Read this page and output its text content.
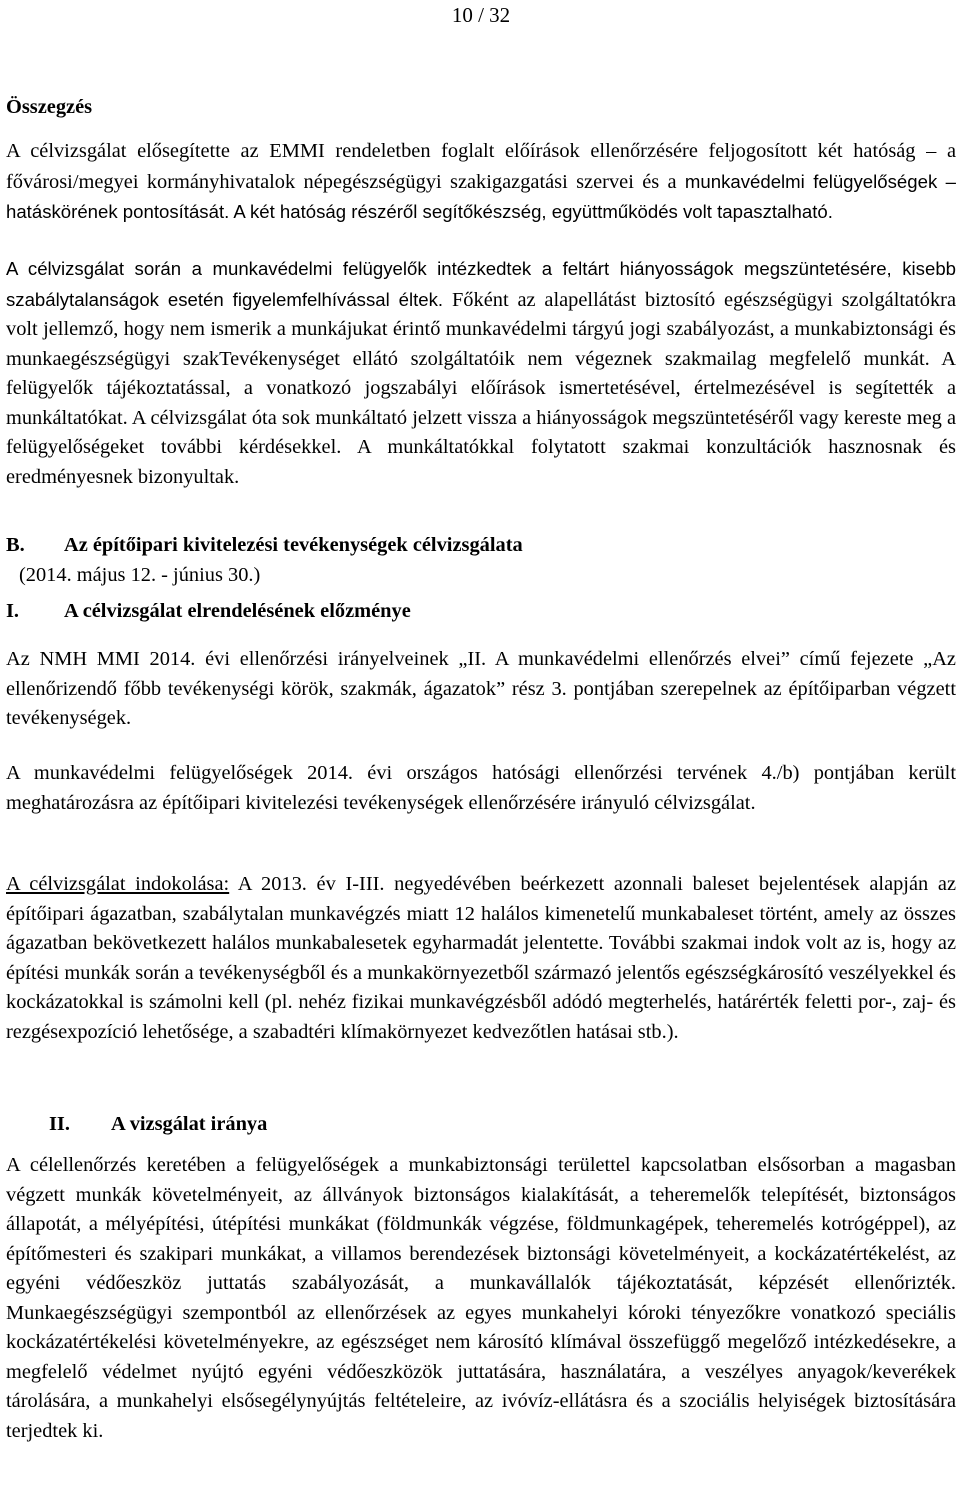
10 / 32
Összegzés

A célvizsgálat elősegítette az EMMI rendeletben foglalt előírások ellenőrzésére feljogosított két hatóság – a fővárosi/megyei kormányhivatalok népegészségügyi szakigazgatási szervei és a munkavédelmi felügyelőségek – hatáskörének pontosítását. A két hatóság részéről segítőkészség, együttműködés volt tapasztalható.

A célvizsgálat során a munkavédelmi felügyelők intézkedtek a feltárt hiányosságok megszüntetésére, kisebb szabálytalanságok esetén figyelemfelhívással éltek. Főként az alapellátást biztosító egészségügyi szolgáltatókra volt jellemző, hogy nem ismerik a munkájukat érintő munkavédelmi tárgyú jogi szabályozást, a munkabiztonsági és munkaegészségügyi szakTevékenységet ellátó szolgáltatóik nem végeznek szakmailag megfelelő munkát. A felügyelők tájékoztatással, a vonatkozó jogszabályi előírások ismertetésével, értelmezésével is segítették a munkáltatókat. A célvizsgálat óta sok munkáltató jelzett vissza a hiányosságok megszüntetéséről vagy kereste meg a felügyelőségeket további kérdésekkel. A munkáltatókkal folytatott szakmai konzultációk hasznosnak és eredményesnek bizonyultak.

B. Az építőipari kivitelezési tevékenységek célvizsgálata
(2014. május 12. - június 30.)
I. A célvizsgálat elrendelésének előzménye

Az NMH MMI 2014. évi ellenőrzési irányelveinek „II. A munkavédelmi ellenőrzés elvei” című fejezete „Az ellenőrizendő főbb tevékenységi körök, szakmák, ágazatok” rész 3. pontjában szerepelnek az építőiparban végzett tevékenységek.

A munkavédelmi felügyelőségek 2014. évi országos hatósági ellenőrzési tervének 4./b) pontjában került meghatározásra az építőipari kivitelezési tevékenységek ellenőrzésére irányuló célvizsgálat.

A célvizsgálat indokolása: A 2013. év I-III. negyedévében beérkezett azonnali baleset bejelentések alapján az építőipari ágazatban, szabálytalan munkavégzés miatt 12 halálos kimenetelű munkabaleset történt, amely az összes ágazatban bekövetkezett halálos munkabalesetek egyharmadát jelentette. További szakmai indok volt az is, hogy az építési munkák során a tevékenységből és a munkakörnyezetből származó jelentős egészségkárosító veszélyekkel és kockázatokkal is számolni kell (pl. nehéz fizikai munkavégzésből adódó megterhelés, határérték feletti por-, zaj- és rezgésexpozíció lehetősége, a szabadtéri klímakörnyezet kedvezőtlen hatásai stb.).

II. A vizsgálat iránya

A célellenőrzés keretében a felügyelőségek a munkabiztonsági területtel kapcsolatban elsősorban a magasban végzett munkák követelményeit, az állványok biztonságos kialakítását, a teheremelők telepítését, biztonságos állapotát, a mélyépítési, útépítési munkákat (földmunkák végzése, földmunkagépek, teheremelés kotrógéppel), az építőmesteri és szakipari munkákat, a villamos berendezések biztonsági követelményeit, a kockázatértékelést, az egyéni védőeszköz juttatás szabályozását, a munkavállalók tájékoztatását, képzését ellenőrizték. Munkaegészségügyi szempontból az ellenőrzések az egyes munkahelyi kóroki tényezőkre vonatkozó speciális kockázatértékelési követelményekre, az egészséget nem károsító klímával összefüggő megelőző intézkedésekre, a megfelelő védelmet nyújtó egyéni védőeszközök juttatására, használatára, a veszélyes anyagok/keverékek tárolására, a munkahelyi elsősegélynyújtás feltételeire, az ivóvíz-ellátásra és a szociális helyiségek biztosítására terjedtek ki.
